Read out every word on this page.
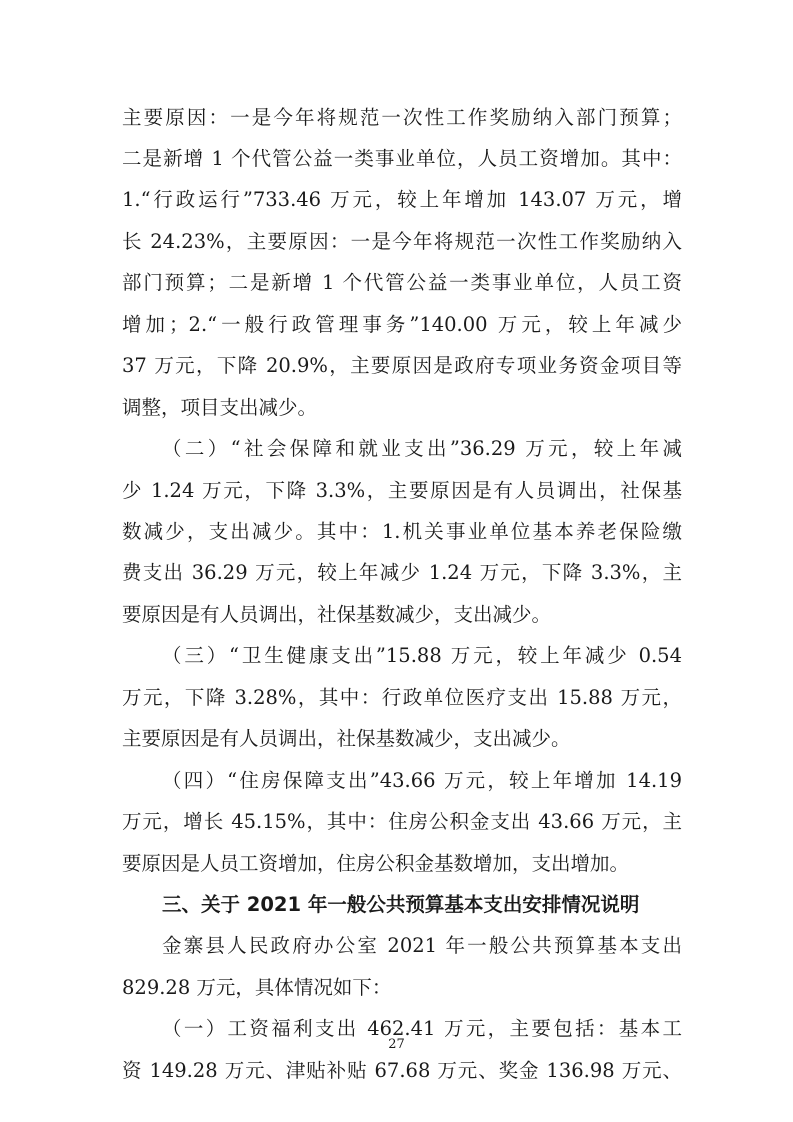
主要原因：一是今年将规范一次性工作奖励纳入部门预算；
二是新增 1 个代管公益一类事业单位，人员工资增加。其中：
1.“行政运行”733.46 万元，较上年增加 143.07 万元，增
长 24.23%，主要原因：一是今年将规范一次性工作奖励纳入
部门预算；二是新增 1 个代管公益一类事业单位，人员工资
增加；2.“一般行政管理事务”140.00 万元，较上年减少
37 万元，下降 20.9%，主要原因是政府专项业务资金项目等
调整，项目支出减少。
（二）“社会保障和就业支出”36.29 万元，较上年减
少 1.24 万元，下降 3.3%，主要原因是有人员调出，社保基
数减少，支出减少。其中：1.机关事业单位基本养老保险缴
费支出 36.29 万元，较上年减少 1.24 万元，下降 3.3%，主
要原因是有人员调出，社保基数减少，支出减少。
（三）“卫生健康支出”15.88 万元，较上年减少 0.54
万元，下降 3.28%，其中：行政单位医疗支出 15.88 万元，
主要原因是有人员调出，社保基数减少，支出减少。
（四）“住房保障支出”43.66 万元，较上年增加 14.19
万元，增长 45.15%，其中：住房公积金支出 43.66 万元，主
要原因是人员工资增加，住房公积金基数增加，支出增加。
三、关于 2021 年一般公共预算基本支出安排情况说明
金寨县人民政府办公室 2021 年一般公共预算基本支出
829.28 万元，具体情况如下：
（一）工资福利支出 462.41 万元，主要包括：基本工
资 149.28 万元、津贴补贴 67.68 万元、奖金 136.98 万元、
27
